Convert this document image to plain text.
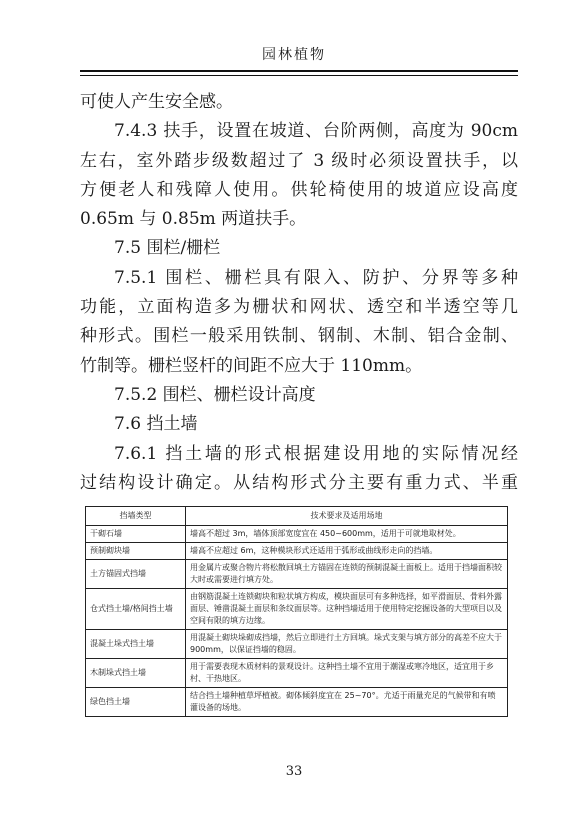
园林植物
可使人产生安全感。
7.4.3 扶手，设置在坡道、台阶两侧，高度为 90cm
左右，室外踏步级数超过了 3 级时必须设置扶手，以
方便老人和残障人使用。供轮椅使用的坡道应设高度
0.65m 与 0.85m 两道扶手。
7.5 围栏/栅栏
7.5.1 围栏、栅栏具有限入、防护、分界等多种
功能，立面构造多为栅状和网状、透空和半透空等几
种形式。围栏一般采用铁制、钢制、木制、铝合金制、
竹制等。栅栏竖杆的间距不应大于 110mm。
7.5.2 围栏、栅栏设计高度
7.6 挡土墙
7.6.1 挡土墙的形式根据建设用地的实际情况经
过结构设计确定。从结构形式分主要有重力式、半重
挡墙类型	技术要求及适用场地
干砌石墙	墙高不超过 3m，墙体顶部宽度宜在 450~600mm，适用于可就地取材处。
预制砌块墙	墙高不应超过 6m，这种模块形式还适用于弧形或曲线形走向的挡墙。
土方锚固式挡墙	用金属片或聚合物片将松散回填土方锚固在连锁的预制混凝土面板上。适用于挡墙面积较大时或需要进行填方处。
仓式挡土墙/格间挡土墙	由钢筋混凝土连锁砌块和粒状填方构成，模块面层可有多种选择，如平滑面层、骨料外露面层、锤凿混凝土面层和条纹面层等。这种挡墙适用于使用特定挖掘设备的大型项目以及空间有限的填方边缘。
混凝土垛式挡土墙	用混凝土砌块垛砌成挡墙，然后立即进行土方回填。垛式支架与填方部分的高差不应大于 900mm，以保证挡墙的稳固。
木制垛式挡土墙	用于需要表现木质材料的景观设计。这种挡土墙不宜用于潮湿或寒冷地区，适宜用于乡村、干热地区。
绿色挡土墙	结合挡土墙种植草坪植被。砌体倾斜度宜在 25~70°。尤适于雨量充足的气候带和有喷灌设备的场地。
33
